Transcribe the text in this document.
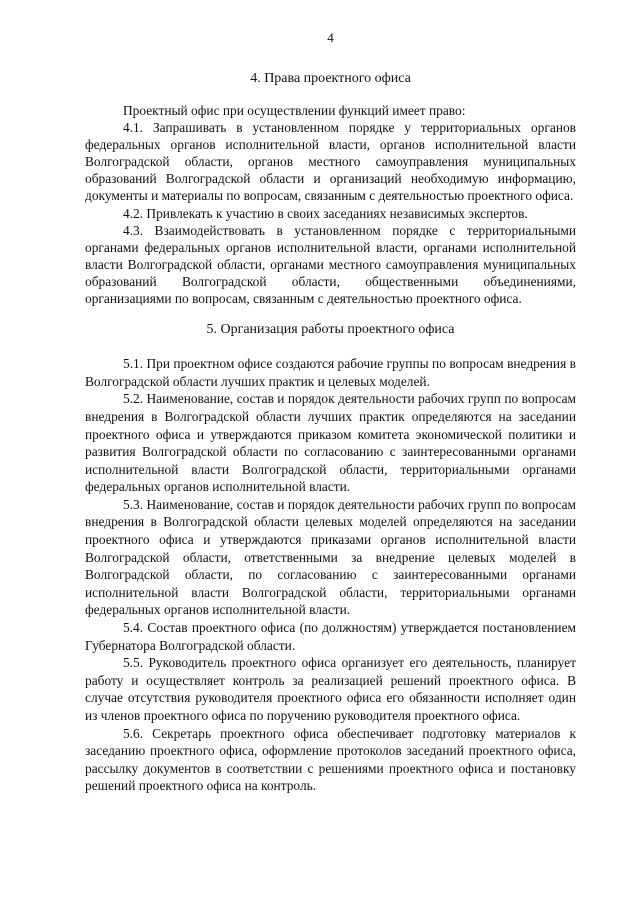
4
4. Права проектного офиса

Проектный офис при осуществлении функций имеет право:

4.1. Запрашивать в установленном порядке у территориальных органов федеральных органов исполнительной власти, органов исполнительной власти Волгоградской области, органов местного самоуправления муниципальных образований Волгоградской области и организаций необходимую информацию, документы и материалы по вопросам, связанным с деятельностью проектного офиса.

4.2. Привлекать к участию в своих заседаниях независимых экспертов.

4.3. Взаимодействовать в установленном порядке с территориальными органами федеральных органов исполнительной власти, органами исполнительной власти Волгоградской области, органами местного самоуправления муниципальных образований Волгоградской области, общественными объединениями, организациями по вопросам, связанным с деятельностью проектного офиса.

5. Организация работы проектного офиса

5.1. При проектном офисе создаются рабочие группы по вопросам внедрения в Волгоградской области лучших практик и целевых моделей.

5.2. Наименование, состав и порядок деятельности рабочих групп по вопросам внедрения в Волгоградской области лучших практик определяются на заседании проектного офиса и утверждаются приказом комитета экономической политики и развития Волгоградской области по согласованию с заинтересованными органами исполнительной власти Волгоградской области, территориальными органами федеральных органов исполнительной власти.

5.3. Наименование, состав и порядок деятельности рабочих групп по вопросам внедрения в Волгоградской области целевых моделей определяются на заседании проектного офиса и утверждаются приказами органов исполнительной власти Волгоградской области, ответственными за внедрение целевых моделей в Волгоградской области, по согласованию с заинтересованными органами исполнительной власти Волгоградской области, территориальными органами федеральных органов исполнительной власти.

5.4. Состав проектного офиса (по должностям) утверждается постановлением Губернатора Волгоградской области.

5.5. Руководитель проектного офиса организует его деятельность, планирует работу и осуществляет контроль за реализацией решений проектного офиса. В случае отсутствия руководителя проектного офиса его обязанности исполняет один из членов проектного офиса по поручению руководителя проектного офиса.

5.6. Секретарь проектного офиса обеспечивает подготовку материалов к заседанию проектного офиса, оформление протоколов заседаний проектного офиса, рассылку документов в соответствии с решениями проектного офиса и постановку решений проектного офиса на контроль.
